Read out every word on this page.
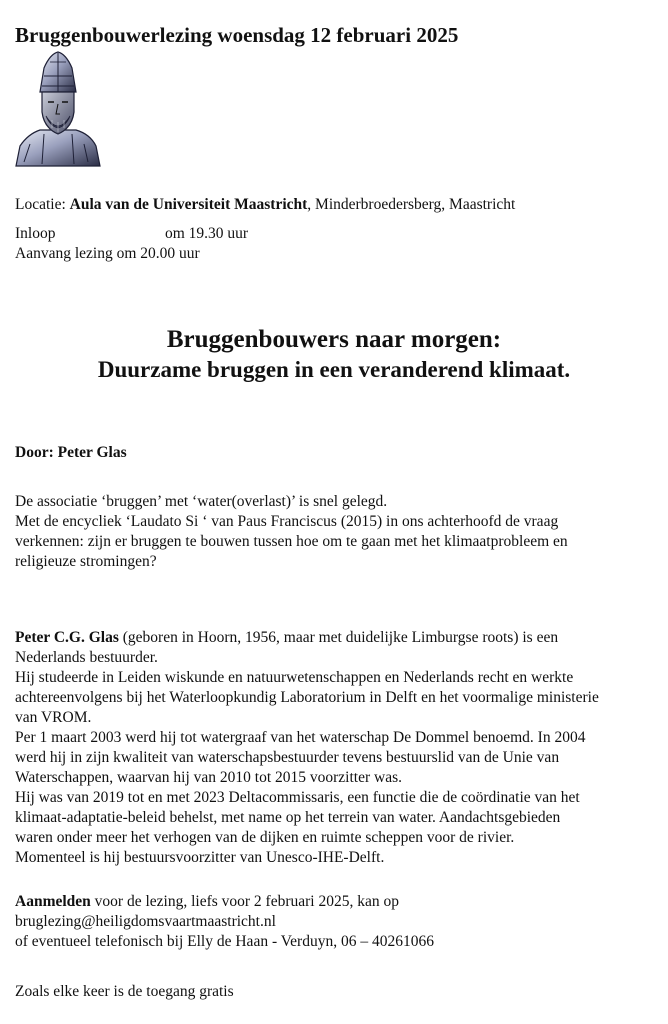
Bruggenbouwerlezing woensdag 12 februari 2025
Locatie: Aula van de Universiteit Maastricht, Minderbroedersberg, Maastricht
Inloop	om 19.30 uur
Aanvang lezing om 20.00 uur
Bruggenbouwers naar morgen:
Duurzame bruggen in een veranderend klimaat.
Door: Peter Glas
De associatie ‘bruggen’ met ‘water(overlast)’ is snel gelegd.
Met de encycliek ‘Laudato Si ‘ van Paus Franciscus (2015) in ons achterhoofd de vraag
verkennen: zijn er bruggen te bouwen tussen hoe om te gaan met het klimaatprobleem en
religieuze stromingen?
Peter C.G. Glas (geboren in Hoorn, 1956, maar met duidelijke Limburgse roots) is een
Nederlands bestuurder.
Hij studeerde in Leiden wiskunde en natuurwetenschappen en Nederlands recht en werkte
achtereenvolgens bij het Waterloopkundig Laboratorium in Delft en het voormalige ministerie
van VROM.
Per 1 maart 2003 werd hij tot watergraaf van het waterschap De Dommel benoemd. In 2004
werd hij in zijn kwaliteit van waterschapsbestuurder tevens bestuurslid van de Unie van
Waterschappen, waarvan hij van 2010 tot 2015 voorzitter was.
Hij was van 2019 tot en met 2023 Deltacommissaris, een functie die de coördinatie van het
klimaat-adaptatie-beleid behelst, met name op het terrein van water. Aandachtsgebieden
waren onder meer het verhogen van de dijken en ruimte scheppen voor de rivier.
Momenteel is hij bestuursvoorzitter van Unesco-IHE-Delft.
Aanmelden voor de lezing, liefs voor 2 februari 2025, kan op
bruglezing@heiligdomsvaartmaastricht.nl
of eventueel telefonisch bij Elly de Haan - Verduyn, 06 – 40261066
Zoals elke keer is de toegang gratis
